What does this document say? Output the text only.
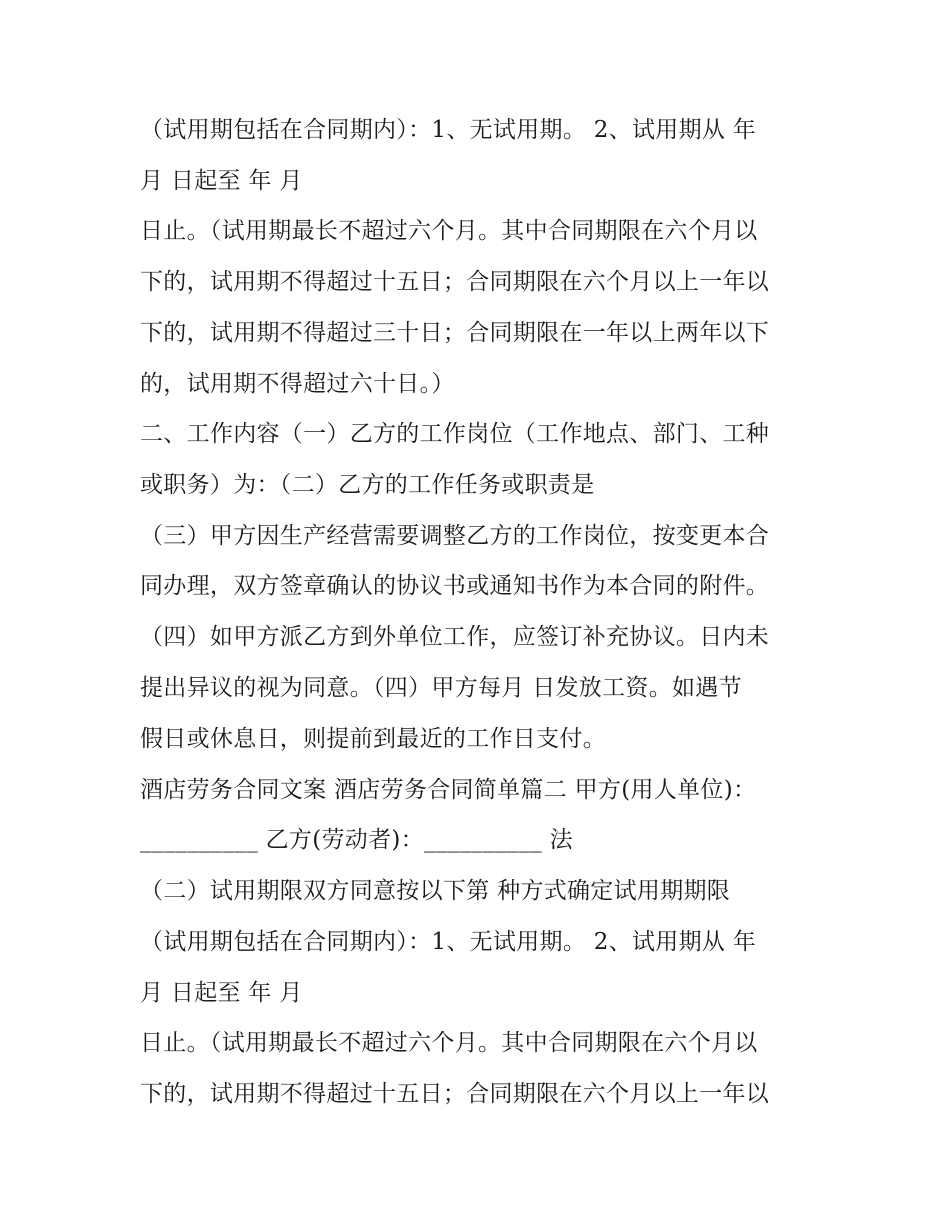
（试用期包括在合同期内）：1、无试用期。 2、试用期从 年

月 日起至 年 月

日止。（试用期最长不超过六个月。其中合同期限在六个月以

下的，试用期不得超过十五日；合同期限在六个月以上一年以

下的，试用期不得超过三十日；合同期限在一年以上两年以下

的，试用期不得超过六十日。）

二、工作内容（一）乙方的工作岗位（工作地点、部门、工种

或职务）为：（二）乙方的工作任务或职责是

（三）甲方因生产经营需要调整乙方的工作岗位，按变更本合

同办理，双方签章确认的协议书或通知书作为本合同的附件。

（四）如甲方派乙方到外单位工作，应签订补充协议。日内未

提出异议的视为同意。（四）甲方每月 日发放工资。如遇节

假日或休息日，则提前到最近的工作日支付。

酒店劳务合同文案 酒店劳务合同简单篇二 甲方(用人单位)：

__________ 乙方(劳动者)：__________ 法

（二）试用期限双方同意按以下第 种方式确定试用期期限

（试用期包括在合同期内）：1、无试用期。 2、试用期从 年

月 日起至 年 月

日止。（试用期最长不超过六个月。其中合同期限在六个月以

下的，试用期不得超过十五日；合同期限在六个月以上一年以
